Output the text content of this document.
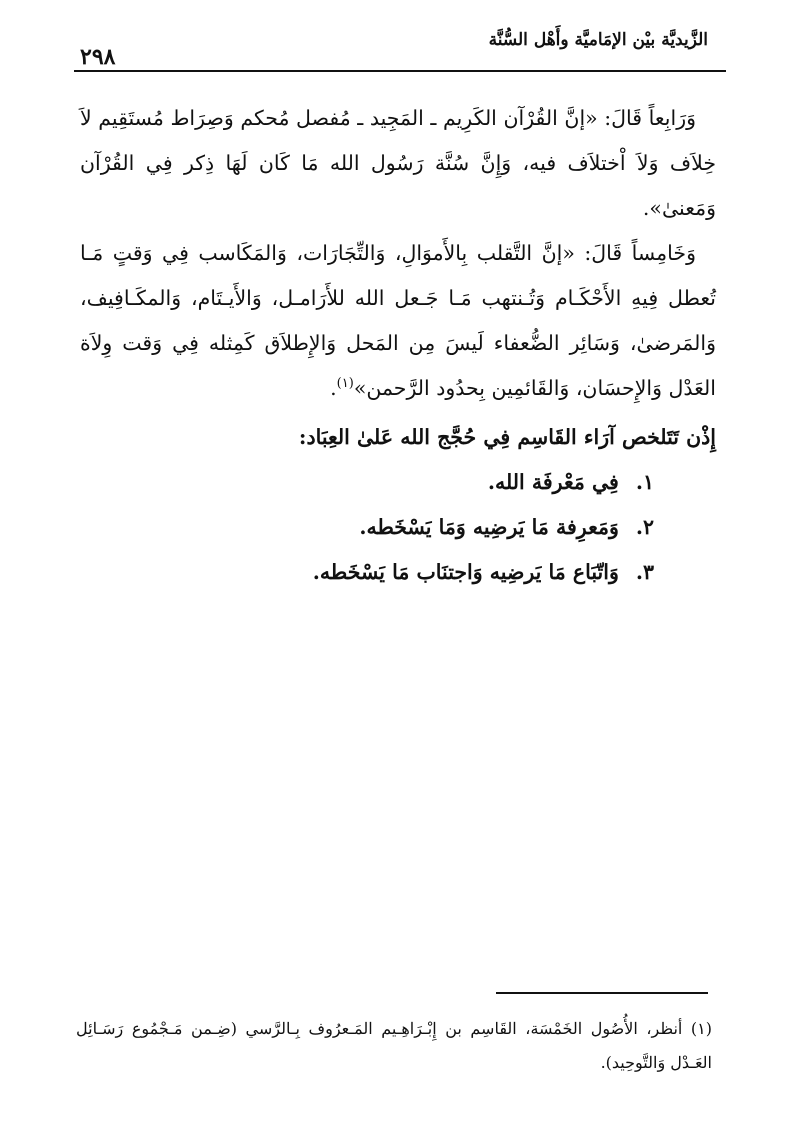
الزَّيديَّة بيْن الإمَاميَّة وأَهْل السُّنَّة
٢٩٨

وَرَابِعاً قَالَ: «إنَّ القُرْآن الكَرِيم ـ المَجِيد ـ مُفصل مُحكم وَصِرَاط مُستَقِيم لاَ خِلاَف وَلاَ اْختلاَف فيه، وَإِنَّ سُنَّة رَسُول الله مَا كَان لَهَا ذِكر فِي القُرْآن وَمَعنىٰ».

وَخَامِساً قَالَ: «إنَّ التَّقلب بِالأَموَالِ، وَالتِّجَارَات، وَالمَكَاسب فِي وَقتٍ مَـا تُعطل فِيهِ الأَحْكَـام وَتُـنتهب مَـا جَـعل الله للأَرَامـل، وَالأَيـتَام، وَالمكَـافِيف، وَالمَرضىٰ، وَسَائِر الضُّعفاء لَيسَ مِن المَحل وَالإِطلاَق كَمِثله فِي وَقت وِلاَة العَدْل وَالإِحسَان، وَالقَائمِين بِحدُود الرَّحمن»$^{(١)}$.

إِذْن تَتَلخص آرَاء القَاسِم فِي حُجَّج الله عَلىٰ العِبَاد:

١. فِي مَعْرفَة الله.
٢. وَمَعرِفة مَا يَرضِيه وَمَا يَسْخَطه.
٣. وَاتّبَاع مَا يَرضِيه وَاجتنَاب مَا يَسْخَطه.

(١) أنظر، الأُصُول الخَمْسَة، القَاسِم بن إِبْـرَاهِـيم المَـعرُوف بِـالرَّسي (ضِـمن مَـجْمُوع رَسَـائِل العَـدْل وَالتَّوحِيد).
